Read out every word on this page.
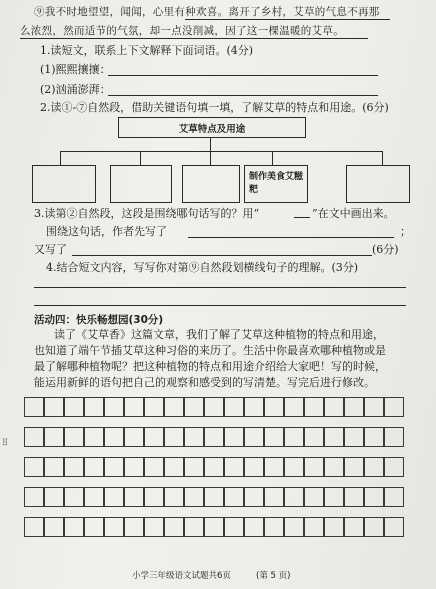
⑨我不时地望望，闻闻，心里有种欢喜。离开了乡村，艾草的气息不再那
么浓烈，然而适节的气氛，却一点没削减，因了这一棵温暖的艾草。
1.读短文，联系上下文解释下面词语。(4分)
(1)熙熙攘攘：
(2)汹涌澎湃：
2.读①-⑦自然段，借助关键语句填一填，了解艾草的特点和用途。(6分)
艾草特点及用途
制作美食艾糍粑
3.读第②自然段，这段是围绕哪句话写的？用“	”在文中画出来。
围绕这句话，作者先写了	；
又写了	(6分)
4.结合短文内容，写写你对第⑨自然段划横线句子的理解。(3分)
活动四：快乐畅想园(30分)
读了《艾草香》这篇文章，我们了解了艾草这种植物的特点和用途，
也知道了端午节插艾草这种习俗的来历了。生活中你最喜欢哪种植物或是
最了解哪种植物呢？把这种植物的特点和用途介绍给大家吧！写的时候，
能运用新鲜的语句把自己的观察和感受到的写清楚。写完后进行修改。
小学三年级语文试题共6页	(第 5 页)
ㄖ
